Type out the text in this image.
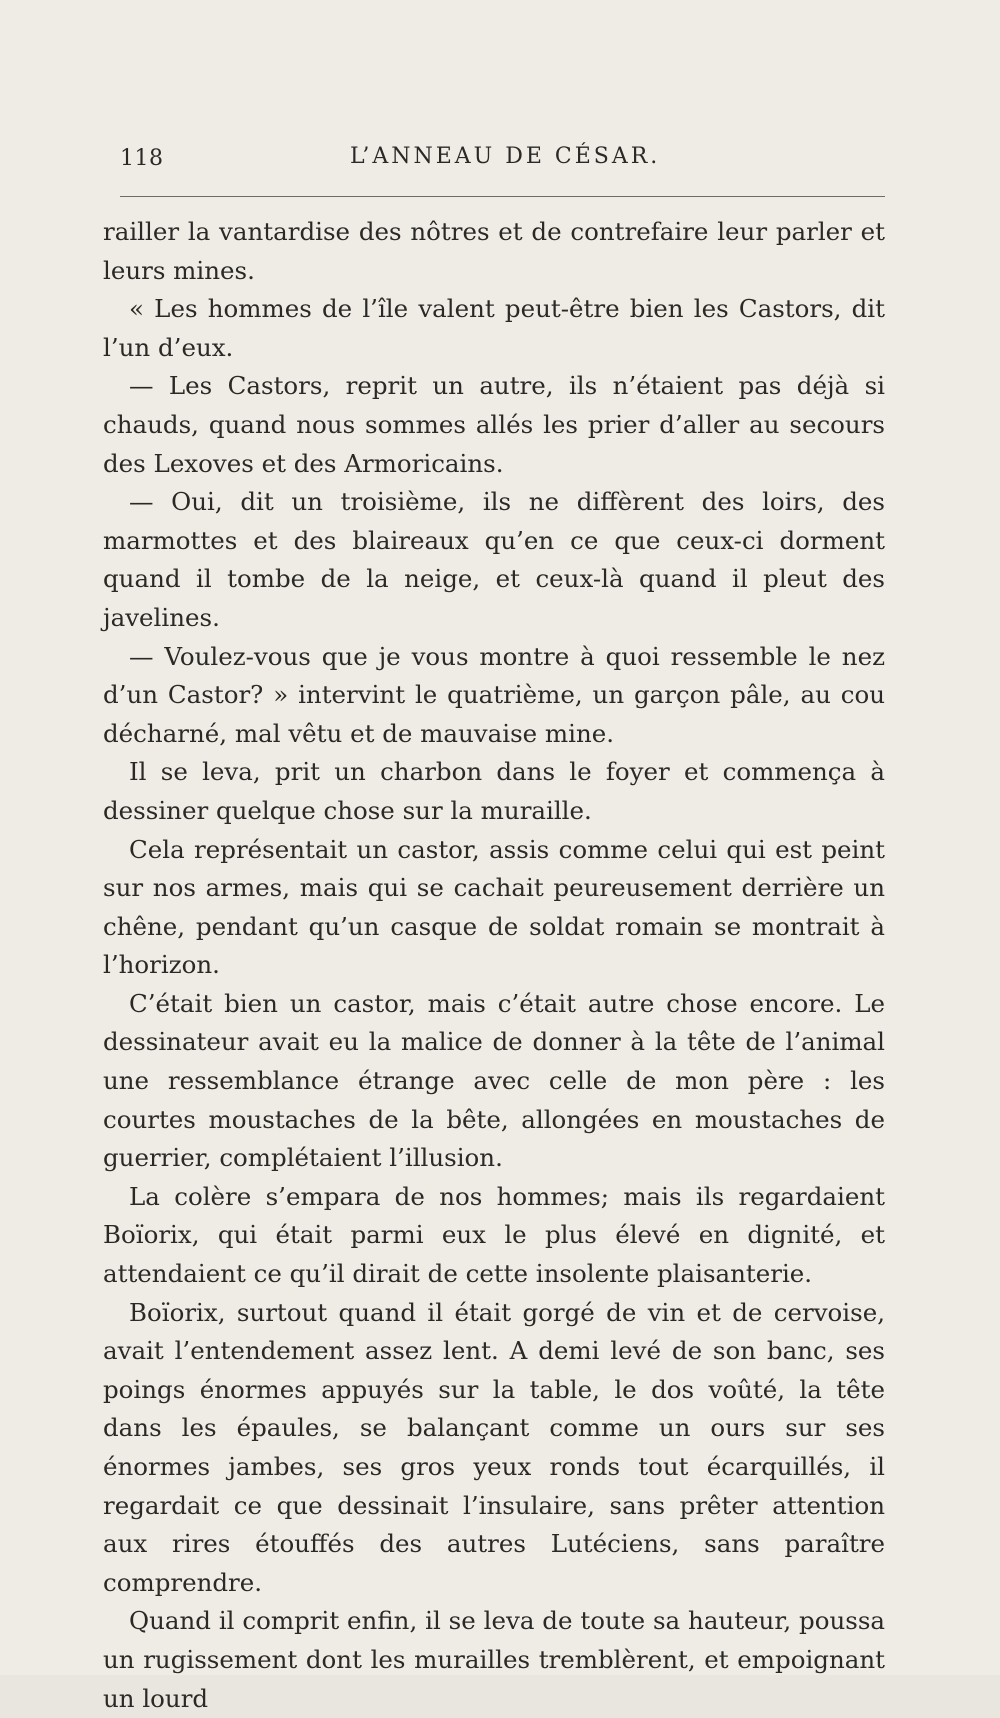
118	L’ANNEAU DE CÉSAR.

railler la vantardise des nôtres et de contrefaire leur parler et leurs mines.

« Les hommes de l’île valent peut-être bien les Castors, dit l’un d’eux.

— Les Castors, reprit un autre, ils n’étaient pas déjà si chauds, quand nous sommes allés les prier d’aller au secours des Lexoves et des Armoricains.

— Oui, dit un troisième, ils ne diffèrent des loirs, des marmottes et des blaireaux qu’en ce que ceux-ci dorment quand il tombe de la neige, et ceux-là quand il pleut des javelines.

— Voulez-vous que je vous montre à quoi ressemble le nez d’un Castor? » intervint le quatrième, un garçon pâle, au cou décharné, mal vêtu et de mauvaise mine.

Il se leva, prit un charbon dans le foyer et commença à dessiner quelque chose sur la muraille.

Cela représentait un castor, assis comme celui qui est peint sur nos armes, mais qui se cachait peureusement derrière un chêne, pendant qu’un casque de soldat romain se montrait à l’horizon.

C’était bien un castor, mais c’était autre chose encore. Le dessinateur avait eu la malice de donner à la tête de l’animal une ressemblance étrange avec celle de mon père : les courtes moustaches de la bête, allongées en moustaches de guerrier, complétaient l’illusion.

La colère s’empara de nos hommes; mais ils regardaient Boïorix, qui était parmi eux le plus élevé en dignité, et attendaient ce qu’il dirait de cette insolente plaisanterie.

Boïorix, surtout quand il était gorgé de vin et de cervoise, avait l’entendement assez lent. A demi levé de son banc, ses poings énormes appuyés sur la table, le dos voûté, la tête dans les épaules, se balançant comme un ours sur ses énormes jambes, ses gros yeux ronds tout écarquillés, il regardait ce que dessinait l’insulaire, sans prêter attention aux rires étouffés des autres Lutéciens, sans paraître comprendre.

Quand il comprit enfin, il se leva de toute sa hauteur, poussa un rugissement dont les murailles tremblèrent, et empoignant un lourd
